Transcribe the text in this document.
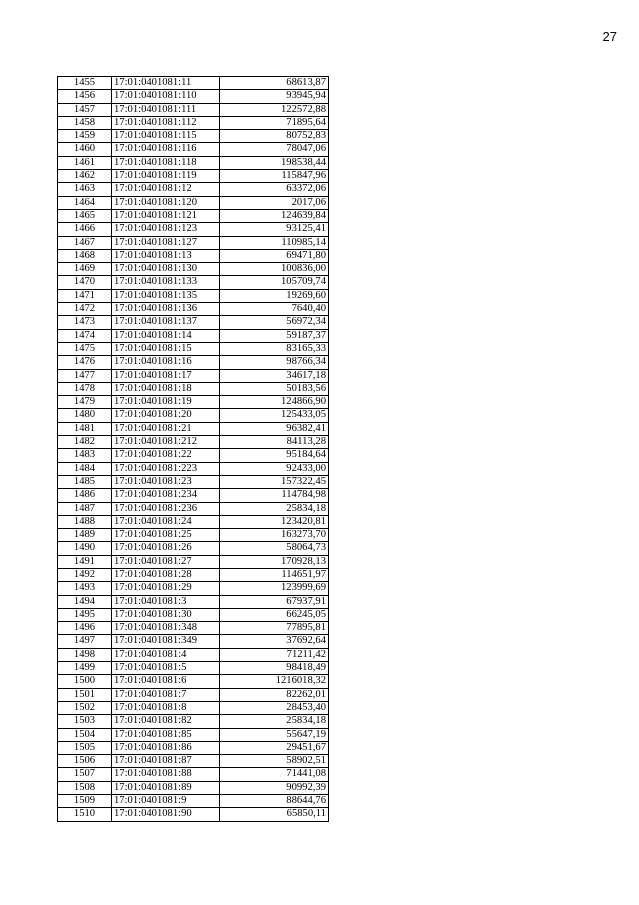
27
1455	17:01:0401081:11	68613,87
1456	17:01:0401081:110	93945,94
1457	17:01:0401081:111	122572,88
1458	17:01:0401081:112	71895,64
1459	17:01:0401081:115	80752,83
1460	17:01:0401081:116	78047,06
1461	17:01:0401081:118	198538,44
1462	17:01:0401081:119	115847,96
1463	17:01:0401081:12	63372,06
1464	17:01:0401081:120	2017,06
1465	17:01:0401081:121	124639,84
1466	17:01:0401081:123	93125,41
1467	17:01:0401081:127	110985,14
1468	17:01:0401081:13	69471,80
1469	17:01:0401081:130	100836,00
1470	17:01:0401081:133	105709,74
1471	17:01:0401081:135	19269,60
1472	17:01:0401081:136	7640,40
1473	17:01:0401081:137	56972,34
1474	17:01:0401081:14	59187,37
1475	17:01:0401081:15	83165,33
1476	17:01:0401081:16	98766,34
1477	17:01:0401081:17	34617,18
1478	17:01:0401081:18	50183,56
1479	17:01:0401081:19	124866,90
1480	17:01:0401081:20	125433,05
1481	17:01:0401081:21	96382,41
1482	17:01:0401081:212	84113,28
1483	17:01:0401081:22	95184,64
1484	17:01:0401081:223	92433,00
1485	17:01:0401081:23	157322,45
1486	17:01:0401081:234	114784,98
1487	17:01:0401081:236	25834,18
1488	17:01:0401081:24	123420,81
1489	17:01:0401081:25	163273,70
1490	17:01:0401081:26	58064,73
1491	17:01:0401081:27	170928,13
1492	17:01:0401081:28	114651,97
1493	17:01:0401081:29	123999,69
1494	17:01:0401081:3	67937,91
1495	17:01:0401081:30	66245,05
1496	17:01:0401081:348	77895,81
1497	17:01:0401081:349	37692,64
1498	17:01:0401081:4	71211,42
1499	17:01:0401081:5	98418,49
1500	17:01:0401081:6	1216018,32
1501	17:01:0401081:7	82262,01
1502	17:01:0401081:8	28453,40
1503	17:01:0401081:82	25834,18
1504	17:01:0401081:85	55647,19
1505	17:01:0401081:86	29451,67
1506	17:01:0401081:87	58902,51
1507	17:01:0401081:88	71441,08
1508	17:01:0401081:89	90992,39
1509	17:01:0401081:9	88644,76
1510	17:01:0401081:90	65850,11
